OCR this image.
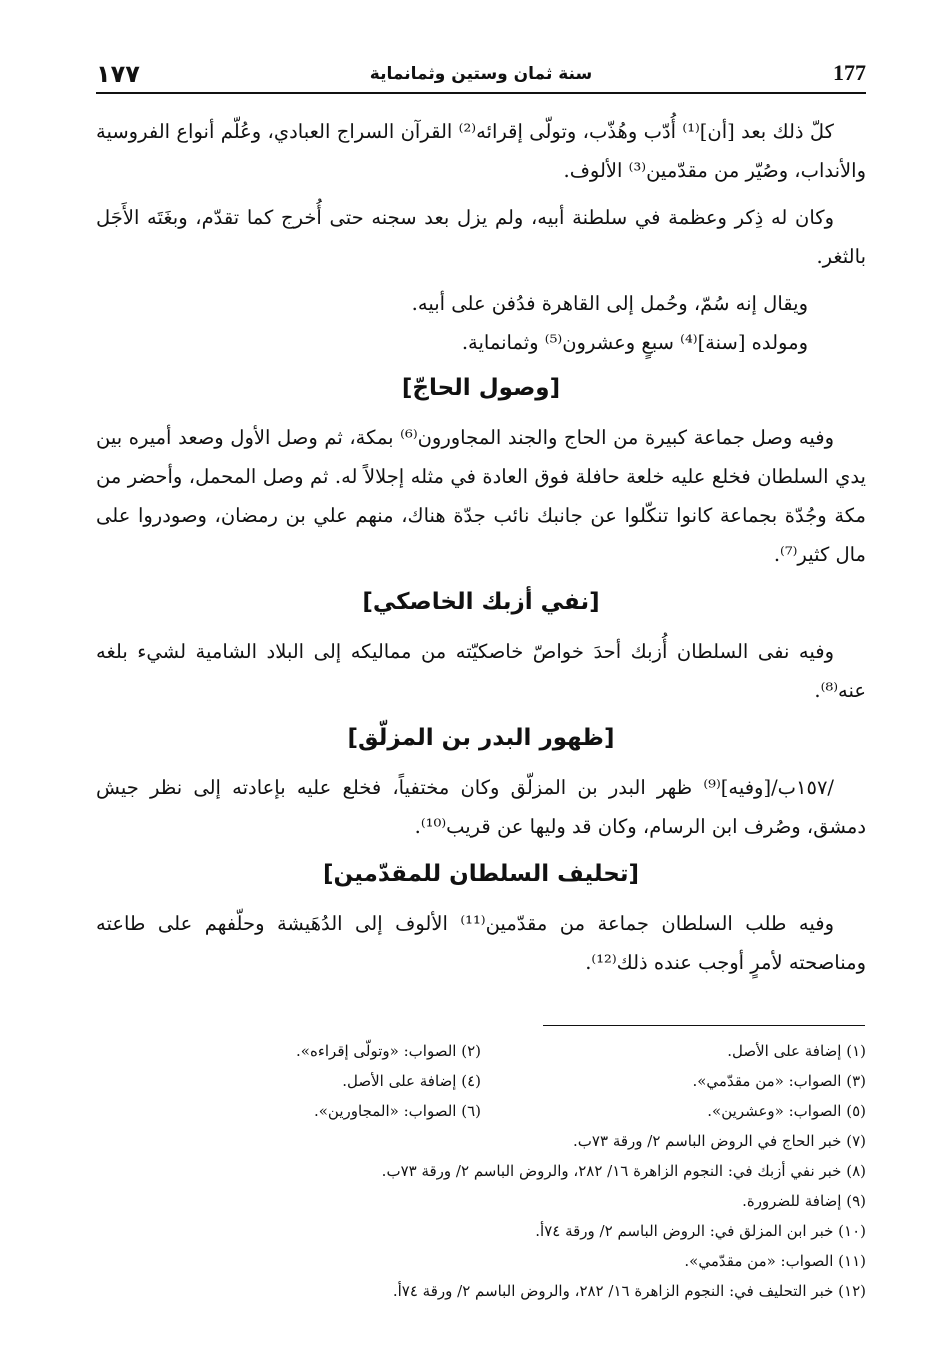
١٧٧	سنة ثمان وستين وثمانماية	177

كلّ ذلك بعد [أن]⁽¹⁾ أُدّب وهُذّب، وتولّى إقرائه⁽²⁾ القرآن السراج العبادي، وعُلّم أنواع الفروسية والأنداب، وصُيّر من مقدّمين⁽³⁾ الألوف.

وكان له ذِكر وعظمة في سلطنة أبيه، ولم يزل بعد سجنه حتى أُخرج كما تقدّم، وبغَتَه الأَجَل بالثغر.

ويقال إنه سُمّ، وحُمل إلى القاهرة فدُفن على أبيه.

ومولده [سنة]⁽⁴⁾ سبعٍ وعشرون⁽⁵⁾ وثمانماية.

[وصول الحاجّ]

وفيه وصل جماعة كبيرة من الحاج والجند المجاورون⁽⁶⁾ بمكة، ثم وصل الأول وصعد أميره بين يدي السلطان فخلع عليه خلعة حافلة فوق العادة في مثله إجلالاً له. ثم وصل المحمل، وأحضر من مكة وجُدّة بجماعة كانوا تنكّلوا عن جانبك نائب جدّة هناك، منهم علي بن رمضان، وصودروا على مال كثير⁽⁷⁾.

[نفي أزبك الخاصكي]

وفيه نفى السلطان أُزبك أحدَ خواصّ خاصكيّته من مماليكه إلى البلاد الشامية لشيء بلغه عنه⁽⁸⁾.

[ظهور البدر بن المزلّق]

/١٥٧ب/[وفيه]⁽⁹⁾ ظهر البدر بن المزلّق وكان مختفياً، فخلع عليه بإعادته إلى نظر جيش دمشق، وصُرف ابن الرسام، وكان قد وليها عن قريب⁽¹⁰⁾.

[تحليف السلطان للمقدّمين]

وفيه طلب السلطان جماعة من مقدّمين⁽¹¹⁾ الألوف إلى الدُهَيشة وحلّفهم على طاعته ومناصحته لأمرٍ أوجب عنده ذلك⁽¹²⁾.

(١) إضافة على الأصل.
(٢) الصواب: «وتولّى إقراءه».
(٣) الصواب: «من مقدّمي».
(٤) إضافة على الأصل.
(٥) الصواب: «وعشرين».
(٦) الصواب: «المجاورين».
(٧) خبر الحاج في الروض الباسم ٢/ ورقة ٧٣ب.
(٨) خبر نفي أزبك في: النجوم الزاهرة ١٦/ ٢٨٢، والروض الباسم ٢/ ورقة ٧٣ب.
(٩) إضافة للضرورة.
(١٠) خبر ابن المزلق في: الروض الباسم ٢/ ورقة ٧٤أ.
(١١) الصواب: «من مقدّمي».
(١٢) خبر التحليف في: النجوم الزاهرة ١٦/ ٢٨٢، والروض الباسم ٢/ ورقة ٧٤أ.
